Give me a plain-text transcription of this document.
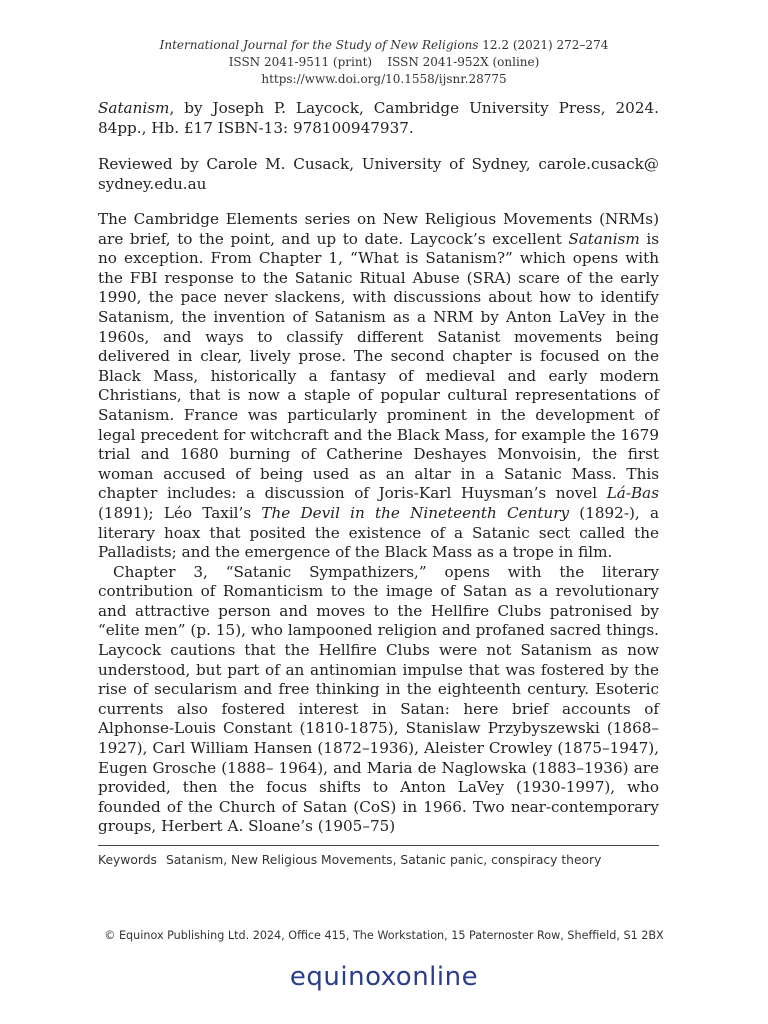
International Journal for the Study of New Religions 12.2 (2021) 272–274
ISSN 2041-9511 (print)    ISSN 2041-952X (online)
https://www.doi.org/10.1558/ijsnr.28775

Satanism, by Joseph P. Laycock, Cambridge University Press, 2024. 84pp., Hb. £17 ISBN-13: 978100947937.

Reviewed by Carole M. Cusack, University of Sydney, carole.cusack@ sydney.edu.au

The Cambridge Elements series on New Religious Movements (NRMs) are brief, to the point, and up to date. Laycock’s excellent Satanism is no exception. From Chapter 1, “What is Satanism?” which opens with the FBI response to the Satanic Ritual Abuse (SRA) scare of the early 1990, the pace never slackens, with discussions about how to identify Satanism, the invention of Satanism as a NRM by Anton LaVey in the 1960s, and ways to classify different Satanist movements being delivered in clear, lively prose. The second chapter is focused on the Black Mass, historically a fantasy of medieval and early modern Christians, that is now a staple of popular cultural representations of Satanism. France was particularly prominent in the development of legal precedent for witchcraft and the Black Mass, for example the 1679 trial and 1680 burning of Catherine Deshayes Monvoisin, the first woman accused of being used as an altar in a Satanic Mass. This chapter includes: a discussion of Joris-Karl Huysman’s novel Lá-Bas (1891); Léo Taxil’s The Devil in the Nineteenth Century (1892-), a literary hoax that posited the existence of a Satanic sect called the Palladists; and the emergence of the Black Mass as a trope in film.

Chapter 3, “Satanic Sympathizers,” opens with the literary contribution of Romanticism to the image of Satan as a revolutionary and attractive person and moves to the Hellfire Clubs patronised by “elite men” (p. 15), who lampooned religion and profaned sacred things. Laycock cautions that the Hellfire Clubs were not Satanism as now understood, but part of an antinomian impulse that was fostered by the rise of secularism and free thinking in the eighteenth century. Esoteric currents also fostered interest in Satan: here brief accounts of Alphonse-Louis Constant (1810-1875), Stanislaw Przybyszewski (1868–1927), Carl William Hansen (1872–1936), Aleister Crowley (1875–1947), Eugen Grosche (1888– 1964), and Maria de Naglowska (1883–1936) are provided, then the focus shifts to Anton LaVey (1930-1997), who founded of the Church of Satan (CoS) in 1966. Two near-contemporary groups, Herbert A. Sloane’s (1905–75)

Keywords Satanism, New Religious Movements, Satanic panic, conspiracy theory
© Equinox Publishing Ltd. 2024, Office 415, The Workstation, 15 Paternoster Row, Sheffield, S1 2BX
equinoxonline
